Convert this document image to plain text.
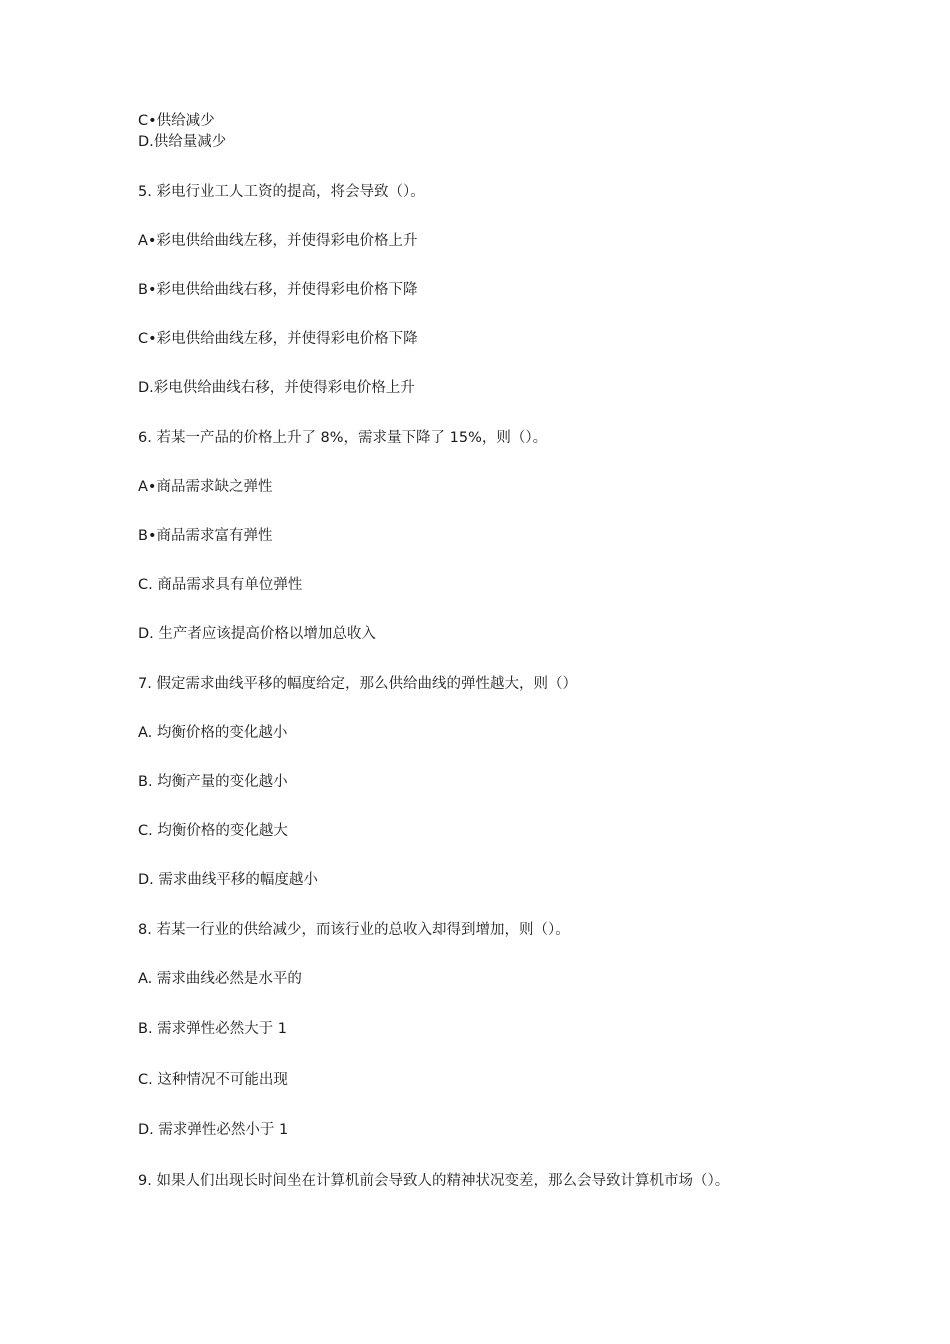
C•供给减少
D.供给量减少
5. 彩电行业工人工资的提高，将会导致（）。
A•彩电供给曲线左移，并使得彩电价格上升
B•彩电供给曲线右移，并使得彩电价格下降
C•彩电供给曲线左移，并使得彩电价格下降
D.彩电供给曲线右移，并使得彩电价格上升
6. 若某一产品的价格上升了 8%，需求量下降了 15%，则（）。
A•商品需求缺之弹性
B•商品需求富有弹性
C. 商品需求具有单位弹性
D. 生产者应该提高价格以增加总收入
7. 假定需求曲线平移的幅度给定，那么供给曲线的弹性越大，则（）
A. 均衡价格的变化越小
B. 均衡产量的变化越小
C. 均衡价格的变化越大
D. 需求曲线平移的幅度越小
8. 若某一行业的供给减少，而该行业的总收入却得到增加，则（）。
A. 需求曲线必然是水平的
B. 需求弹性必然大于 1
C. 这种情况不可能出现
D. 需求弹性必然小于 1
9. 如果人们出现长时间坐在计算机前会导致人的精神状况变差，那么会导致计算机市场（）。
